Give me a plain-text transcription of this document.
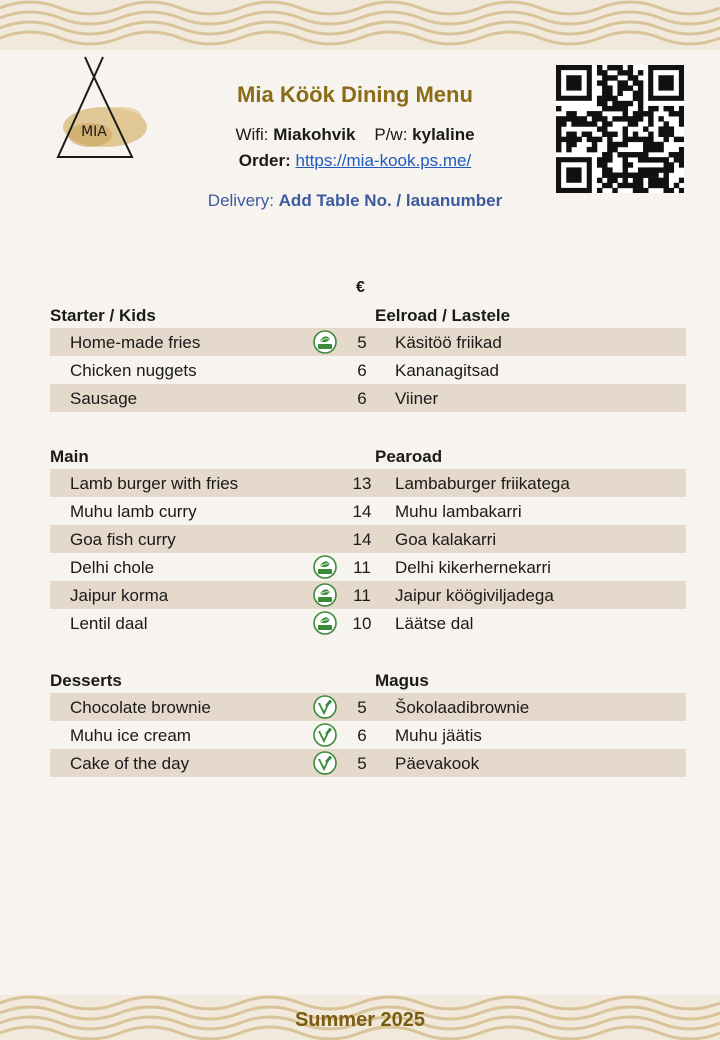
MIA
Mia Köök Dining Menu
Wifi: Miakohvik P/w: kylaline
Order: https://mia-kook.ps.me/
Delivery: Add Table No. / lauanumber
€
Starter / Kids	Eelroad / Lastele
Home-made fries	5	Käsitöö friikad
Chicken nuggets	6	Kananagitsad
Sausage	6	Viiner
Main	Pearoad
Lamb burger with fries	13 Lambaburger friikatega
Muhu lamb curry	14 Muhu lambakarri
Goa fish curry	14 Goa kalakarri
Delhi chole	11 Delhi kikerhernekarri
Jaipur korma	11 Jaipur köögiviljadega
Lentil daal	10 Läätse dal
Desserts	Magus
Chocolate brownie	5	Šokolaadibrownie
Muhu ice cream	6	Muhu jäätis
Cake of the day	5	Päevakook
Summer 2025
